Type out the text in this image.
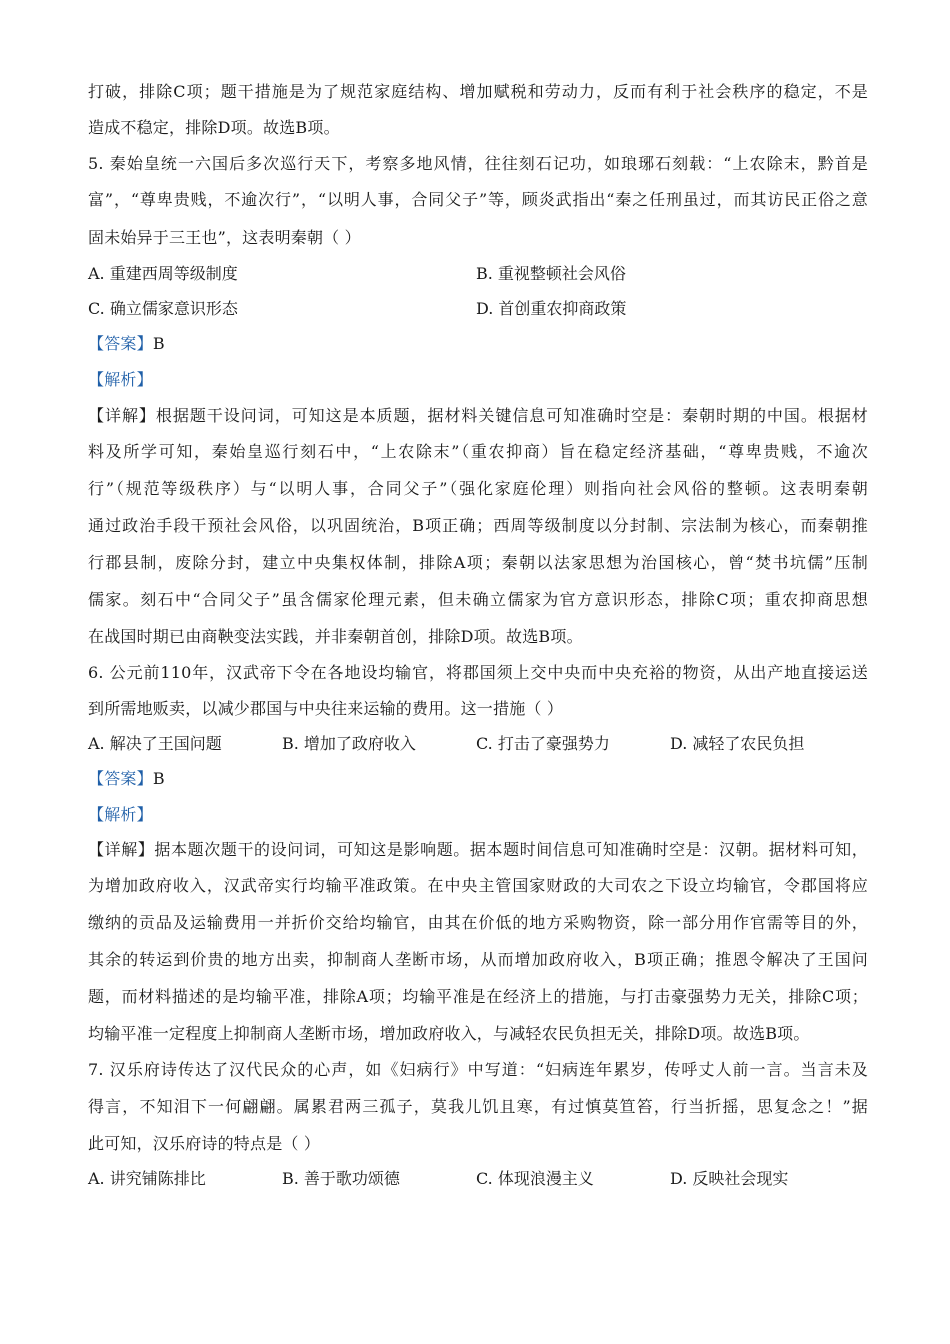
打破，排除C项；题干措施是为了规范家庭结构、增加赋税和劳动力，反而有利于社会秩序的稳定，不是
造成不稳定，排除D项。故选B项。
5. 秦始皇统一六国后多次巡行天下，考察多地风情，往往刻石记功，如琅琊石刻载：“上农除末，黔首是
富”，“尊卑贵贱，不逾次行”，“以明人事，合同父子”等，顾炎武指出“秦之任刑虽过，而其访民正俗之意
固未始异于三王也”，这表明秦朝（ ）
A. 重建西周等级制度	B. 重视整顿社会风俗
C. 确立儒家意识形态	D. 首创重农抑商政策
【答案】B
【解析】
【详解】根据题干设问词，可知这是本质题，据材料关键信息可知准确时空是：秦朝时期的中国。根据材
料及所学可知，秦始皇巡行刻石中，“上农除末”（重农抑商）旨在稳定经济基础，“尊卑贵贱，不逾次
行”（规范等级秩序）与“以明人事，合同父子”（强化家庭伦理）则指向社会风俗的整顿。这表明秦朝
通过政治手段干预社会风俗，以巩固统治，B项正确；西周等级制度以分封制、宗法制为核心，而秦朝推
行郡县制，废除分封，建立中央集权体制，排除A项；秦朝以法家思想为治国核心，曾“焚书坑儒”压制
儒家。刻石中“合同父子”虽含儒家伦理元素，但未确立儒家为官方意识形态，排除C项；重农抑商思想
在战国时期已由商鞅变法实践，并非秦朝首创，排除D项。故选B项。
6. 公元前110年，汉武帝下令在各地设均输官，将郡国须上交中央而中央充裕的物资，从出产地直接运送
到所需地贩卖，以减少郡国与中央往来运输的费用。这一措施（ ）
A. 解决了王国问题	B. 增加了政府收入	C. 打击了豪强势力	D. 减轻了农民负担
【答案】B
【解析】
【详解】据本题次题干的设问词，可知这是影响题。据本题时间信息可知准确时空是：汉朝。据材料可知，
为增加政府收入，汉武帝实行均输平准政策。在中央主管国家财政的大司农之下设立均输官，令郡国将应
缴纳的贡品及运输费用一并折价交给均输官，由其在价低的地方采购物资，除一部分用作官需等目的外，
其余的转运到价贵的地方出卖，抑制商人垄断市场，从而增加政府收入，B项正确；推恩令解决了王国问
题，而材料描述的是均输平准，排除A项；均输平准是在经济上的措施，与打击豪强势力无关，排除C项；
均输平准一定程度上抑制商人垄断市场，增加政府收入，与减轻农民负担无关，排除D项。故选B项。
7. 汉乐府诗传达了汉代民众的心声，如《妇病行》中写道：“妇病连年累岁，传呼丈人前一言。当言未及
得言，不知泪下一何翩翩。属累君两三孤子，莫我儿饥且寒，有过慎莫笪笞，行当折摇，思复念之！”据
此可知，汉乐府诗的特点是（ ）
A. 讲究铺陈排比	B. 善于歌功颂德	C. 体现浪漫主义	D. 反映社会现实
